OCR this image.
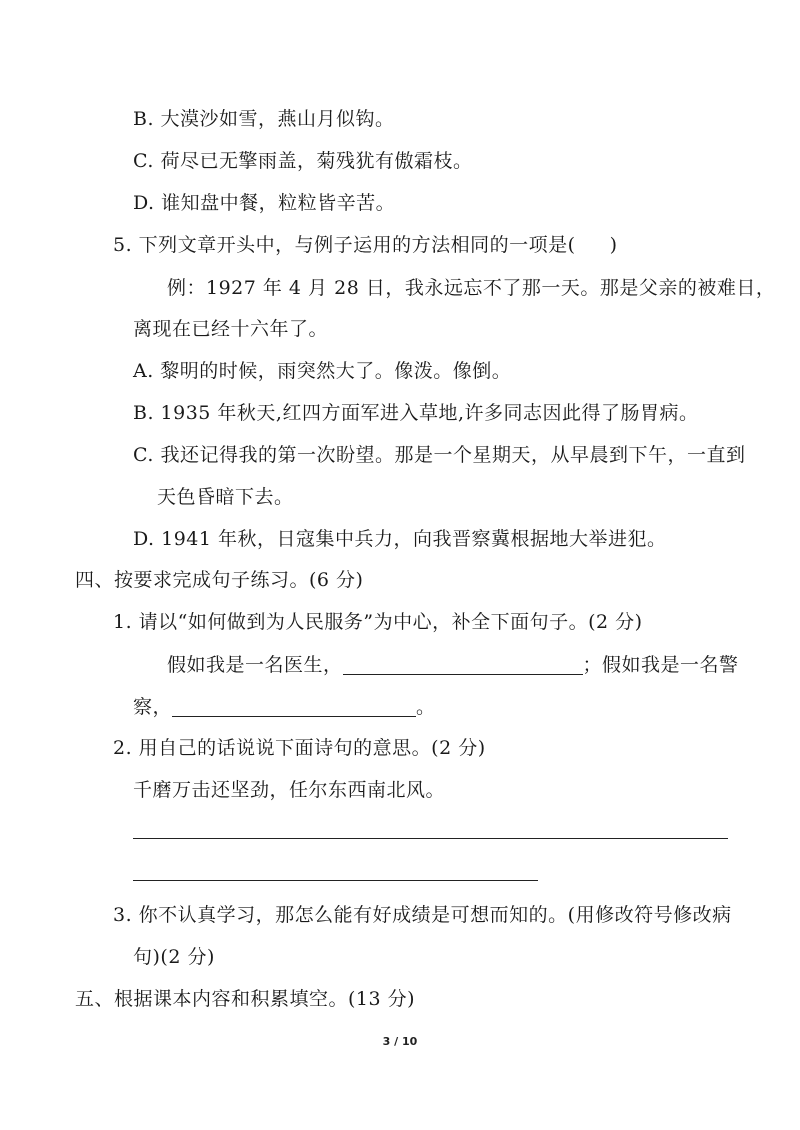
B. 大漠沙如雪，燕山月似钩。
C. 荷尽已无擎雨盖，菊残犹有傲霜枝。
D. 谁知盘中餐，粒粒皆辛苦。
5. 下列文章开头中，与例子运用的方法相同的一项是( )
例：1927 年 4 月 28 日，我永远忘不了那一天。那是父亲的被难日，
离现在已经十六年了。
A. 黎明的时候，雨突然大了。像泼。像倒。
B. 1935 年秋天,红四方面军进入草地,许多同志因此得了肠胃病。
C. 我还记得我的第一次盼望。那是一个星期天，从早晨到下午，一直到
天色昏暗下去。
D. 1941 年秋，日寇集中兵力，向我晋察冀根据地大举进犯。
四、按要求完成句子练习。(6 分)
1. 请以“如何做到为人民服务”为中心，补全下面句子。(2 分)
假如我是一名医生，	；假如我是一名警
察，	。
2. 用自己的话说说下面诗句的意思。(2 分)
千磨万击还坚劲，任尔东西南北风。
3. 你不认真学习，那怎么能有好成绩是可想而知的。(用修改符号修改病
句)(2 分)
五、根据课本内容和积累填空。(13 分)
3 / 10
